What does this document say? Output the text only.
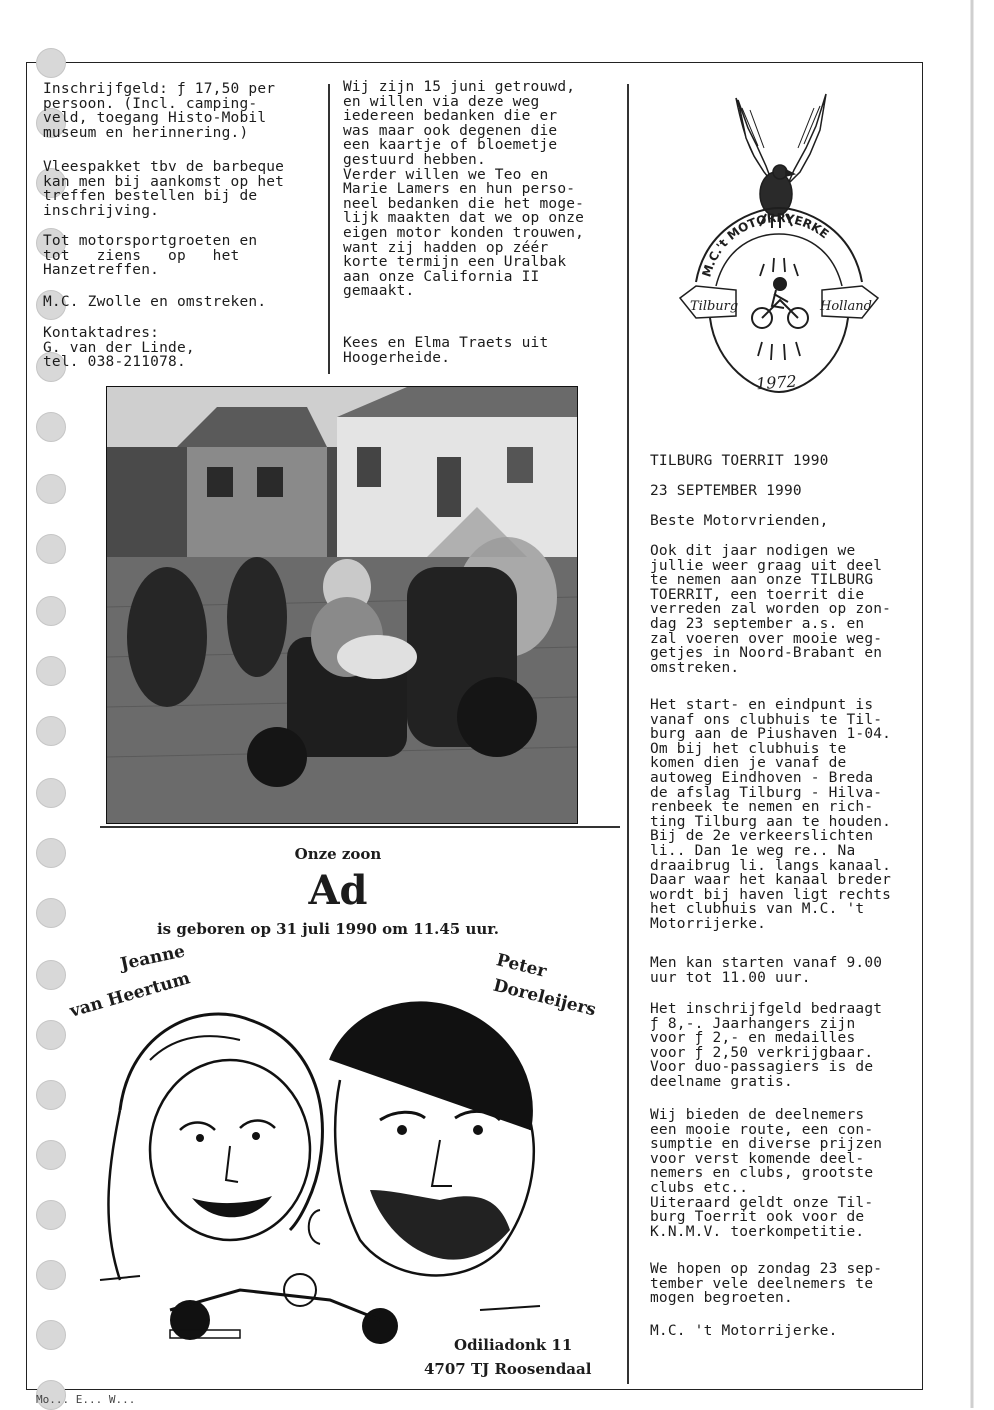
Inschrijfgeld: ƒ 17,50 per
persoon. (Incl. camping-
veld, toegang Histo-Mobil
museum en herinnering.)
Vleespakket tbv de barbeque
kan men bij aankomst op het
treffen bestellen bij de
inschrijving.
Tot motorsportgroeten en
tot   ziens   op   het
Hanzetreffen.
M.C. Zwolle en omstreken.
Kontaktadres:
G. van der Linde,
tel. 038-211078.
Wij zijn 15 juni getrouwd,
en willen via deze weg
iedereen bedanken die er
was maar ook degenen die
een kaartje of bloemetje
gestuurd hebben.
Verder willen we Teo en
Marie Lamers en hun perso-
neel bedanken die het moge-
lijk maakten dat we op onze
eigen motor konden trouwen,
want zij hadden op zéér
korte termijn een Uralbak
aan onze California II
gemaakt.
Kees en Elma Traets uit
Hoogerheide.
M.C.'t MOTORRYERKE
Tilburg	Holland
1972
TILBURG TOERRIT 1990
23 SEPTEMBER 1990
Beste Motorvrienden,
Ook dit jaar nodigen we
jullie weer graag uit deel
te nemen aan onze TILBURG
TOERRIT, een toerrit die
verreden zal worden op zon-
dag 23 september a.s. en
zal voeren over mooie weg-
getjes in Noord-Brabant en
omstreken.
Het start- en eindpunt is
vanaf ons clubhuis te Til-
burg aan de Piushaven 1-04.
Om bij het clubhuis te
komen dien je vanaf de
autoweg Eindhoven - Breda
de afslag Tilburg - Hilva-
renbeek te nemen en rich-
ting Tilburg aan te houden.
Bij de 2e verkeerslichten
li.. Dan 1e weg re.. Na
draaibrug li. langs kanaal.
Daar waar het kanaal breder
wordt bij haven ligt rechts
het clubhuis van M.C. 't
Motorrijerke.
Men kan starten vanaf 9.00
uur tot 11.00 uur.
Het inschrijfgeld bedraagt
ƒ 8,-. Jaarhangers zijn
voor ƒ 2,- en medailles
voor ƒ 2,50 verkrijgbaar.
Voor duo-passagiers is de
deelname gratis.
Wij bieden de deelnemers
een mooie route, een con-
sumptie en diverse prijzen
voor verst komende deel-
nemers en clubs, grootste
clubs etc..
Uiteraard geldt onze Til-
burg Toerrit ook voor de
K.N.M.V. toerkompetitie.
We hopen op zondag 23 sep-
tember vele deelnemers te
mogen begroeten.
M.C. 't Motorrijerke.
Onze zoon
Ad
is geboren op 31 juli 1990 om 11.45 uur.
Jeanne
van Heertum
Peter
Doreleijers
Odiliadonk 11
4707 TJ Roosendaal
Mo... E... W...
